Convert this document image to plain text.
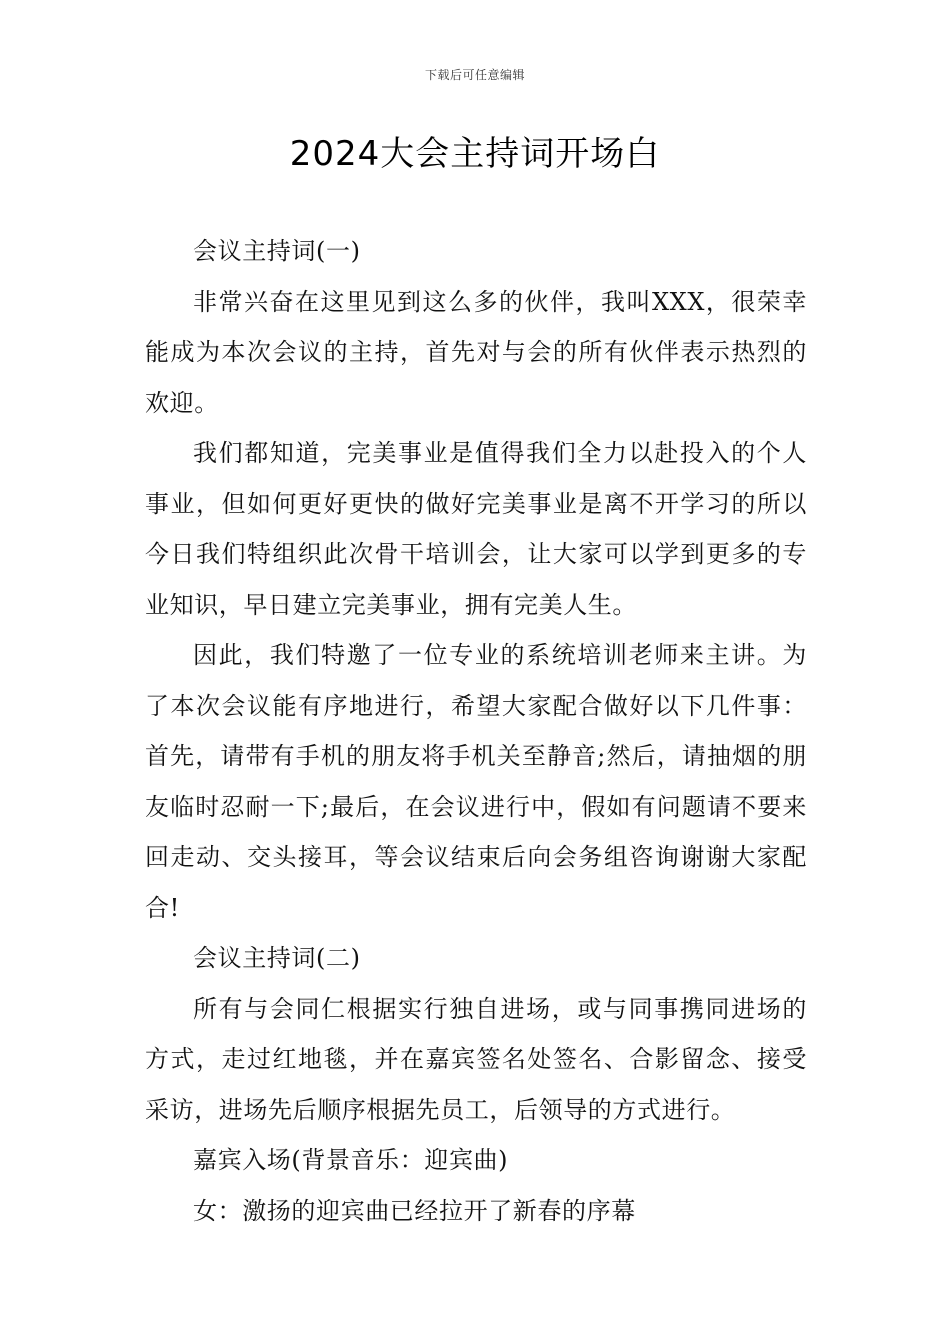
下载后可任意编辑
2024大会主持词开场白

会议主持词(一)

非常兴奋在这里见到这么多的伙伴，我叫XXX，很荣幸能成为本次会议的主持，首先对与会的所有伙伴表示热烈的欢迎。

我们都知道，完美事业是值得我们全力以赴投入的个人事业，但如何更好更快的做好完美事业是离不开学习的所以今日我们特组织此次骨干培训会，让大家可以学到更多的专业知识，早日建立完美事业，拥有完美人生。

因此，我们特邀了一位专业的系统培训老师来主讲。为了本次会议能有序地进行，希望大家配合做好以下几件事：首先，请带有手机的朋友将手机关至静音;然后，请抽烟的朋友临时忍耐一下;最后，在会议进行中，假如有问题请不要来回走动、交头接耳，等会议结束后向会务组咨询谢谢大家配合!

会议主持词(二)

所有与会同仁根据实行独自进场，或与同事携同进场的方式，走过红地毯，并在嘉宾签名处签名、合影留念、接受采访，进场先后顺序根据先员工，后领导的方式进行。

嘉宾入场(背景音乐：迎宾曲)

女：激扬的迎宾曲已经拉开了新春的序幕
